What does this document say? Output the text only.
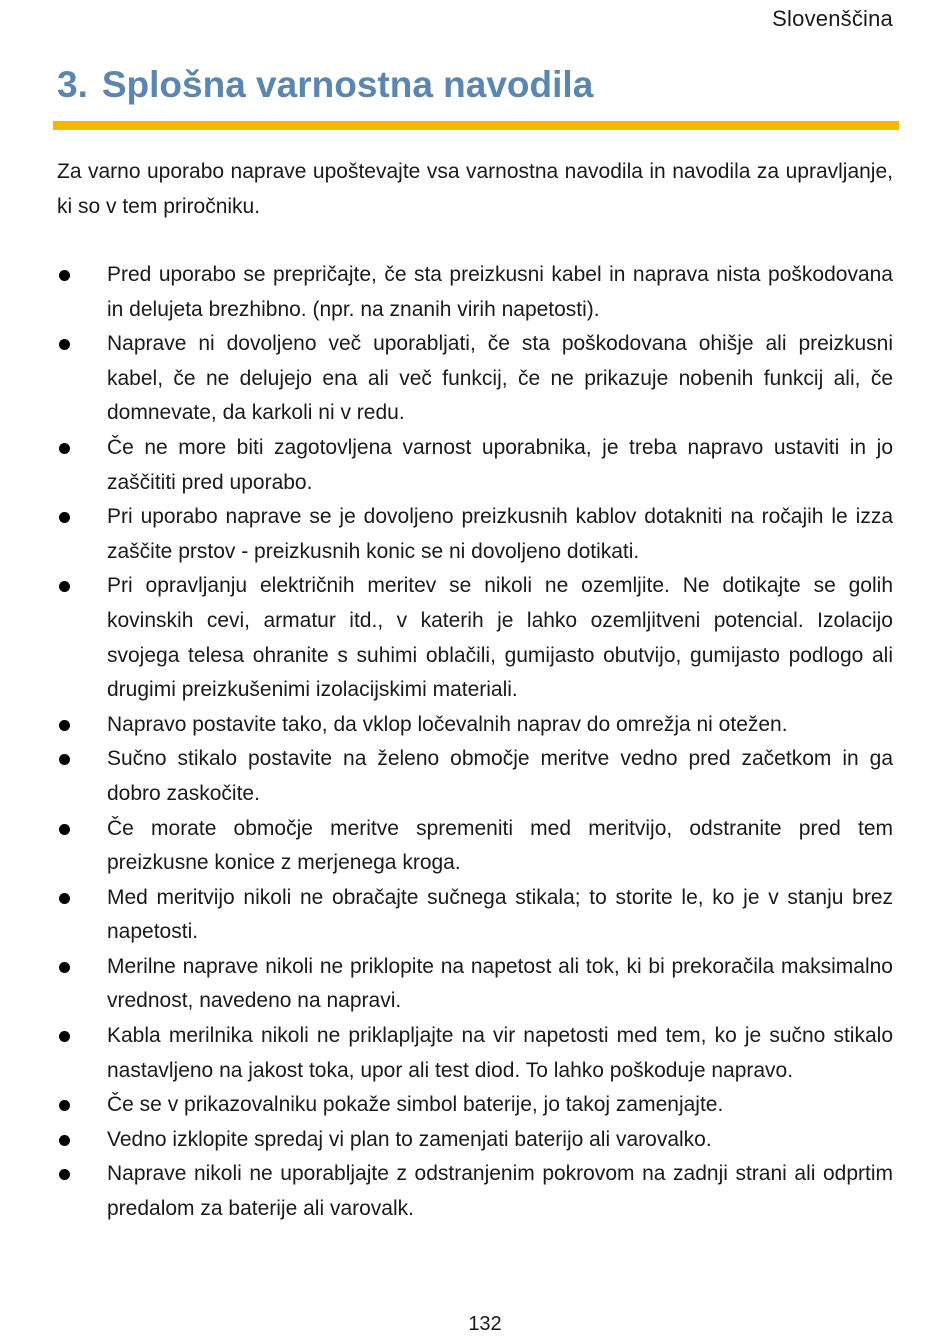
Slovenščina
3. Splošna varnostna navodila

Za varno uporabo naprave upoštevajte vsa varnostna navodila in navodila za upravljanje, ki so v tem priročniku.

Pred uporabo se prepričajte, če sta preizkusni kabel in naprava nista poškodovana in delujeta brezhibno. (npr. na znanih virih napetosti).
Naprave ni dovoljeno več uporabljati, če sta poškodovana ohišje ali preizkusni kabel, če ne delujejo ena ali več funkcij, če ne prikazuje nobenih funkcij ali, če domnevate, da karkoli ni v redu.
Če ne more biti zagotovljena varnost uporabnika, je treba napravo ustaviti in jo zaščititi pred uporabo.
Pri uporabo naprave se je dovoljeno preizkusnih kablov dotakniti na ročajih le izza zaščite prstov - preizkusnih konic se ni dovoljeno dotikati.
Pri opravljanju električnih meritev se nikoli ne ozemljite. Ne dotikajte se golih kovinskih cevi, armatur itd., v katerih je lahko ozemljitveni potencial. Izolacijo svojega telesa ohranite s suhimi oblačili, gumijasto obutvijo, gumijasto podlogo ali drugimi preizkušenimi izolacijskimi materiali.
Napravo postavite tako, da vklop ločevalnih naprav do omrežja ni otežen.
Sučno stikalo postavite na želeno območje meritve vedno pred začetkom in ga dobro zaskočite.
Če morate območje meritve spremeniti med meritvijo, odstranite pred tem preizkusne konice z merjenega kroga.
Med meritvijo nikoli ne obračajte sučnega stikala; to storite le, ko je v stanju brez napetosti.
Merilne naprave nikoli ne priklopite na napetost ali tok, ki bi prekoračila maksimalno vrednost, navedeno na napravi.
Kabla merilnika nikoli ne priklapljajte na vir napetosti med tem, ko je sučno stikalo nastavljeno na jakost toka, upor ali test diod. To lahko poškoduje napravo.
Če se v prikazovalniku pokaže simbol baterije, jo takoj zamenjajte.
Vedno izklopite spredaj vi plan to zamenjati baterijo ali varovalko.
Naprave nikoli ne uporabljajte z odstranjenim pokrovom na zadnji strani ali odprtim predalom za baterije ali varovalk.
132
